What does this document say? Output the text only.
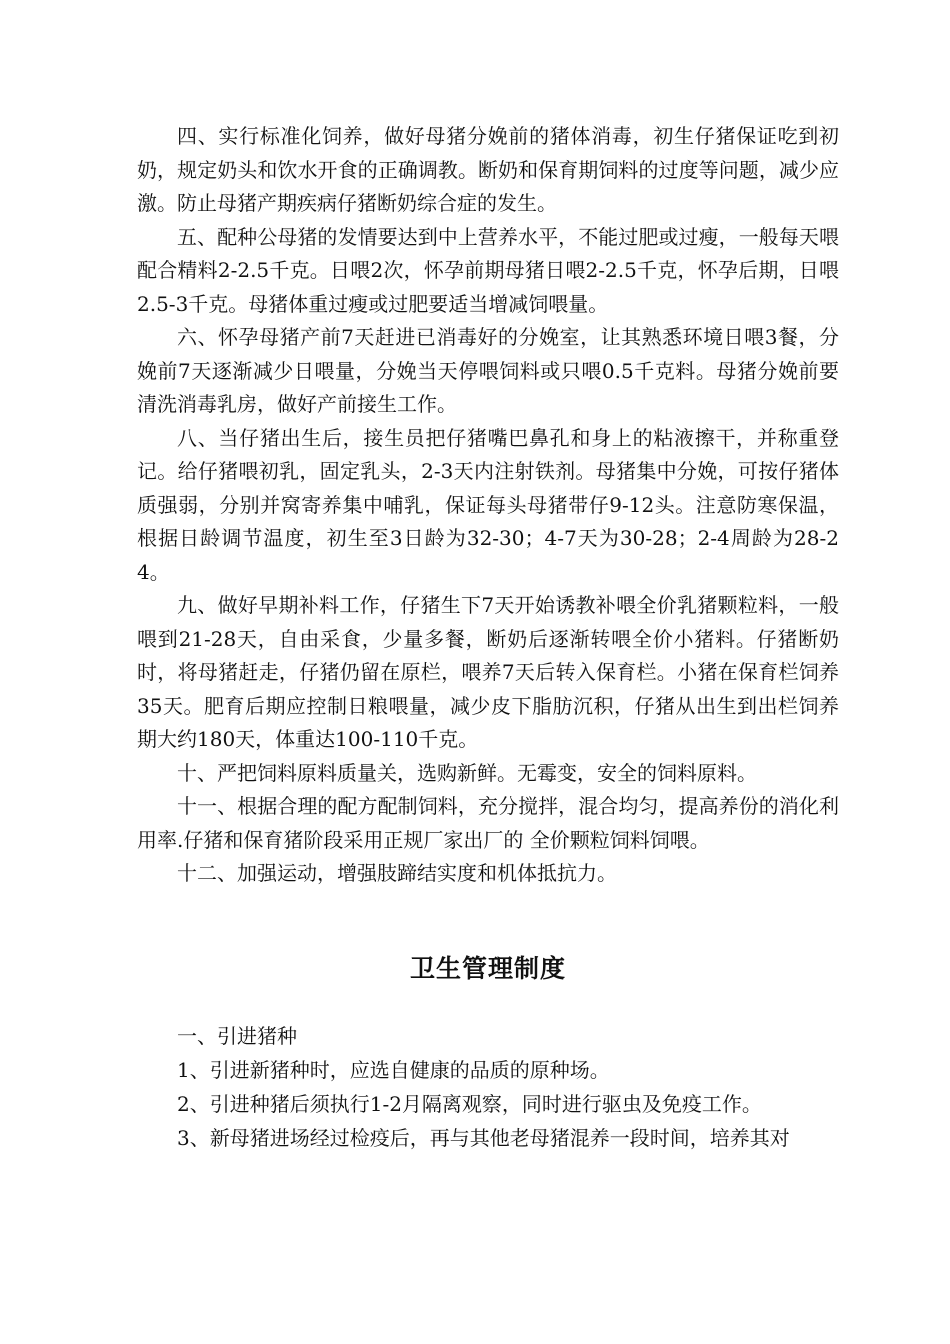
四、实行标准化饲养，做好母猪分娩前的猪体消毒，初生仔猪保证吃到初奶，规定奶头和饮水开食的正确调教。断奶和保育期饲料的过度等问题，减少应激。防止母猪产期疾病仔猪断奶综合症的发生。

五、配种公母猪的发情要达到中上营养水平，不能过肥或过瘦，一般每天喂配合精料2-2.5千克。日喂2次，怀孕前期母猪日喂2-2.5千克，怀孕后期，日喂2.5-3千克。母猪体重过瘦或过肥要适当增减饲喂量。

六、怀孕母猪产前7天赶进已消毒好的分娩室，让其熟悉环境日喂3餐，分娩前7天逐渐减少日喂量，分娩当天停喂饲料或只喂0.5千克料。母猪分娩前要清洗消毒乳房，做好产前接生工作。

八、当仔猪出生后，接生员把仔猪嘴巴鼻孔和身上的粘液擦干，并称重登记。给仔猪喂初乳，固定乳头，2-3天内注射铁剂。母猪集中分娩，可按仔猪体质强弱，分别并窝寄养集中哺乳，保证每头母猪带仔9-12头。注意防寒保温，根据日龄调节温度，初生至3日龄为32-30；4-7天为30-28；2-4周龄为28-24。

九、做好早期补料工作，仔猪生下7天开始诱教补喂全价乳猪颗粒料，一般喂到21-28天，自由采食，少量多餐，断奶后逐渐转喂全价小猪料。仔猪断奶时，将母猪赶走，仔猪仍留在原栏，喂养7天后转入保育栏。小猪在保育栏饲养35天。肥育后期应控制日粮喂量，减少皮下脂肪沉积，仔猪从出生到出栏饲养期大约180天，体重达100-110千克。

十、严把饲料原料质量关，选购新鲜。无霉变，安全的饲料原料。

十一、根据合理的配方配制饲料，充分搅拌，混合均匀，提高养份的消化利用率.仔猪和保育猪阶段采用正规厂家出厂的 全价颗粒饲料饲喂。

十二、加强运动，增强肢蹄结实度和机体抵抗力。

卫生管理制度

一、引进猪种

1、引进新猪种时，应选自健康的品质的原种场。

2、引进种猪后须执行1-2月隔离观察，同时进行驱虫及免疫工作。

3、新母猪进场经过检疫后，再与其他老母猪混养一段时间，培养其对
